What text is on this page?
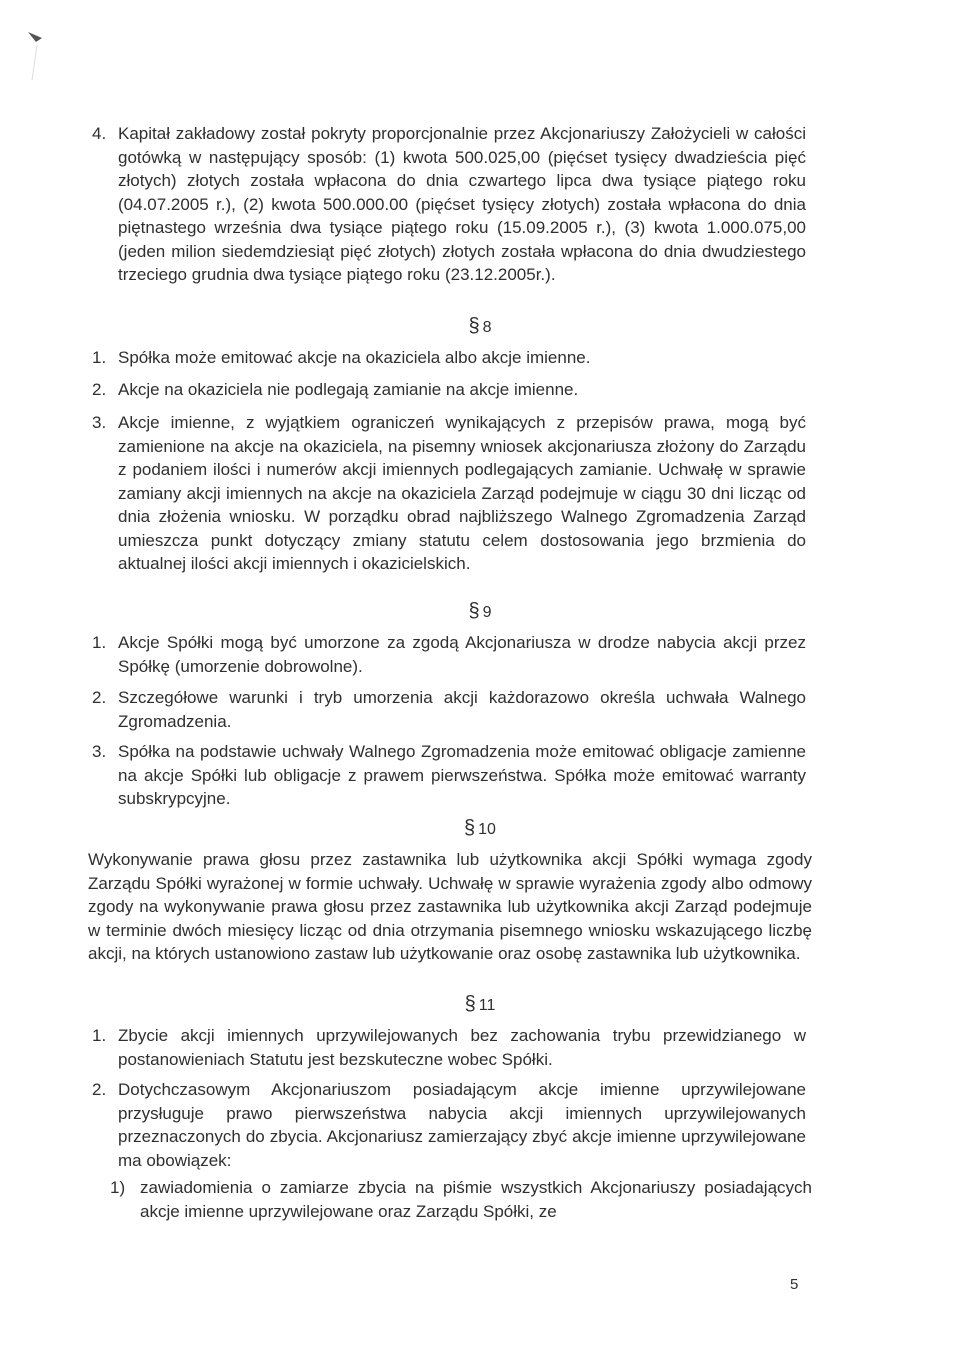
4. Kapitał zakładowy został pokryty proporcjonalnie przez Akcjonariuszy Założycieli w całości gotówką w następujący sposób: (1) kwota 500.025,00 (pięćset tysięcy dwadzieścia pięć złotych) złotych została wpłacona do dnia czwartego lipca dwa tysiące piątego roku (04.07.2005 r.), (2) kwota 500.000.00 (pięćset tysięcy złotych) została wpłacona do dnia piętnastego września dwa tysiące piątego roku (15.09.2005 r.), (3) kwota 1.000.075,00 (jeden milion siedemdziesiąt pięć złotych) złotych została wpłacona do dnia dwudziestego trzeciego grudnia dwa tysiące piątego roku (23.12.2005r.).
§ 8
1. Spółka może emitować akcje na okaziciela albo akcje imienne.
2. Akcje na okaziciela nie podlegają zamianie na akcje imienne.
3. Akcje imienne, z wyjątkiem ograniczeń wynikających z przepisów prawa, mogą być zamienione na akcje na okaziciela, na pisemny wniosek akcjonariusza złożony do Zarządu z podaniem ilości i numerów akcji imiennych podlegających zamianie. Uchwałę w sprawie zamiany akcji imiennych na akcje na okaziciela Zarząd podejmuje w ciągu 30 dni licząc od dnia złożenia wniosku. W porządku obrad najbliższego Walnego Zgromadzenia Zarząd umieszcza punkt dotyczący zmiany statutu celem dostosowania jego brzmienia do aktualnej ilości akcji imiennych i okazicielskich.
§ 9
1. Akcje Spółki mogą być umorzone za zgodą Akcjonariusza w drodze nabycia akcji przez Spółkę (umorzenie dobrowolne).
2. Szczegółowe warunki i tryb umorzenia akcji każdorazowo określa uchwała Walnego Zgromadzenia.
3. Spółka na podstawie uchwały Walnego Zgromadzenia może emitować obligacje zamienne na akcje Spółki lub obligacje z prawem pierwszeństwa. Spółka może emitować warranty subskrypcyjne.
§ 10
Wykonywanie prawa głosu przez zastawnika lub użytkownika akcji Spółki wymaga zgody Zarządu Spółki wyrażonej w formie uchwały. Uchwałę w sprawie wyrażenia zgody albo odmowy zgody na wykonywanie prawa głosu przez zastawnika lub użytkownika akcji Zarząd podejmuje w terminie dwóch miesięcy licząc od dnia otrzymania pisemnego wniosku wskazującego liczbę akcji, na których ustanowiono zastaw lub użytkowanie oraz osobę zastawnika lub użytkownika.
§ 11
1. Zbycie akcji imiennych uprzywilejowanych bez zachowania trybu przewidzianego w postanowieniach Statutu jest bezskuteczne wobec Spółki.
2. Dotychczasowym Akcjonariuszom posiadającym akcje imienne uprzywilejowane przysługuje prawo pierwszeństwa nabycia akcji imiennych uprzywilejowanych przeznaczonych do zbycia. Akcjonariusz zamierzający zbyć akcje imienne uprzywilejowane ma obowiązek:
1) zawiadomienia o zamiarze zbycia na piśmie wszystkich Akcjonariuszy posiadających akcje imienne uprzywilejowane oraz Zarządu Spółki, ze
5
